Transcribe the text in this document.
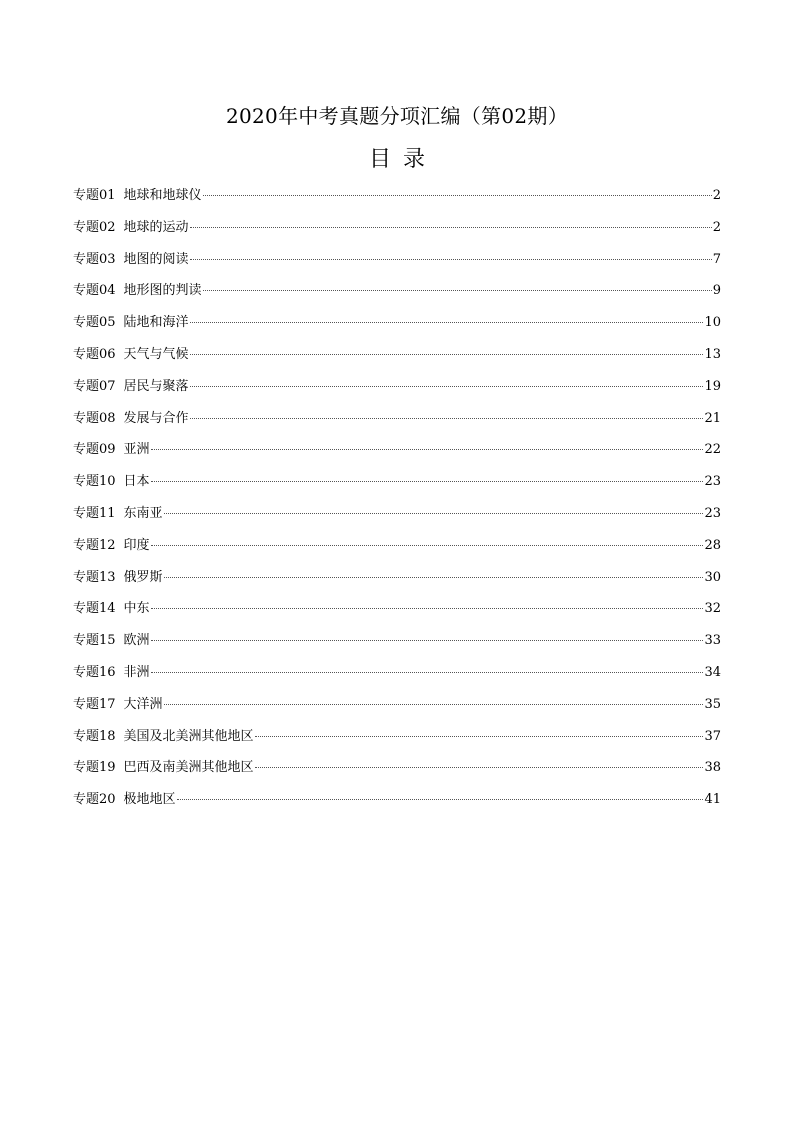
2020年中考真题分项汇编（第02期）
目录
专题01 地球和地球仪	2
专题02 地球的运动	2
专题03 地图的阅读	7
专题04 地形图的判读	9
专题05 陆地和海洋	10
专题06 天气与气候	13
专题07 居民与聚落	19
专题08 发展与合作	21
专题09 亚洲	22
专题10 日本	23
专题11 东南亚	23
专题12 印度	28
专题13 俄罗斯	30
专题14 中东	32
专题15 欧洲	33
专题16 非洲	34
专题17 大洋洲	35
专题18 美国及北美洲其他地区	37
专题19 巴西及南美洲其他地区	38
专题20 极地地区	41
